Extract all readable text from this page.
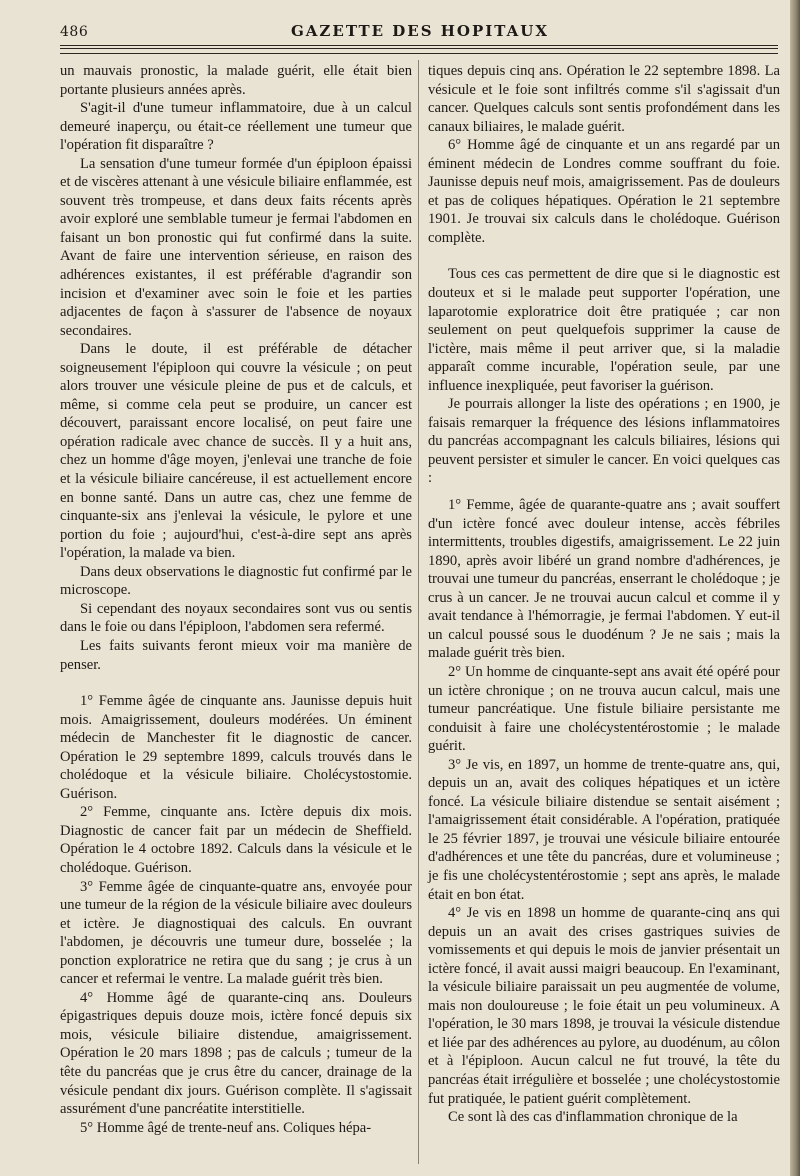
486	GAZETTE DES HOPITAUX

un mauvais pronostic, la malade guérit, elle était bien portante plusieurs années après.

S'agit-il d'une tumeur inflammatoire, due à un calcul demeuré inaperçu, ou était-ce réellement une tumeur que l'opération fit disparaître ?

La sensation d'une tumeur formée d'un épiploon épaissi et de viscères attenant à une vésicule biliaire enflammée, est souvent très trompeuse, et dans deux faits récents après avoir exploré une semblable tumeur je fermai l'abdomen en faisant un bon pronostic qui fut confirmé dans la suite. Avant de faire une intervention sérieuse, en raison des adhérences existantes, il est préférable d'agrandir son incision et d'examiner avec soin le foie et les parties adjacentes de façon à s'assurer de l'absence de noyaux secondaires.

Dans le doute, il est préférable de détacher soigneusement l'épiploon qui couvre la vésicule ; on peut alors trouver une vésicule pleine de pus et de calculs, et même, si comme cela peut se produire, un cancer est découvert, paraissant encore localisé, on peut faire une opération radicale avec chance de succès. Il y a huit ans, chez un homme d'âge moyen, j'enlevai une tranche de foie et la vésicule biliaire cancéreuse, il est actuellement encore en bonne santé. Dans un autre cas, chez une femme de cinquante-six ans j'enlevai la vésicule, le pylore et une portion du foie ; aujourd'hui, c'est-à-dire sept ans après l'opération, la malade va bien.

Dans deux observations le diagnostic fut confirmé par le microscope.

Si cependant des noyaux secondaires sont vus ou sentis dans le foie ou dans l'épiploon, l'abdomen sera refermé.

Les faits suivants feront mieux voir ma manière de penser.

1° Femme âgée de cinquante ans. Jaunisse depuis huit mois. Amaigrissement, douleurs modérées. Un éminent médecin de Manchester fit le diagnostic de cancer. Opération le 29 septembre 1899, calculs trouvés dans le cholédoque et la vésicule biliaire. Cholécystostomie. Guérison.

2° Femme, cinquante ans. Ictère depuis dix mois. Diagnostic de cancer fait par un médecin de Sheffield. Opération le 4 octobre 1892. Calculs dans la vésicule et le cholédoque. Guérison.

3° Femme âgée de cinquante-quatre ans, envoyée pour une tumeur de la région de la vésicule biliaire avec douleurs et ictère. Je diagnostiquai des calculs. En ouvrant l'abdomen, je découvris une tumeur dure, bosselée ; la ponction exploratrice ne retira que du sang ; je crus à un cancer et refermai le ventre. La malade guérit très bien.

4° Homme âgé de quarante-cinq ans. Douleurs épigastriques depuis douze mois, ictère foncé depuis six mois, vésicule biliaire distendue, amaigrissement. Opération le 20 mars 1898 ; pas de calculs ; tumeur de la tête du pancréas que je crus être du cancer, drainage de la vésicule pendant dix jours. Guérison complète. Il s'agissait assurément d'une pancréatite interstitielle.

5° Homme âgé de trente-neuf ans. Coliques hépa-

tiques depuis cinq ans. Opération le 22 septembre 1898. La vésicule et le foie sont infiltrés comme s'il s'agissait d'un cancer. Quelques calculs sont sentis profondément dans les canaux biliaires, le malade guérit.

6° Homme âgé de cinquante et un ans regardé par un éminent médecin de Londres comme souffrant du foie. Jaunisse depuis neuf mois, amaigrissement. Pas de douleurs et pas de coliques hépatiques. Opération le 21 septembre 1901. Je trouvai six calculs dans le cholédoque. Guérison complète.

Tous ces cas permettent de dire que si le diagnostic est douteux et si le malade peut supporter l'opération, une laparotomie exploratrice doit être pratiquée ; car non seulement on peut quelquefois supprimer la cause de l'ictère, mais même il peut arriver que, si la maladie apparaît comme incurable, l'opération seule, par une influence inexpliquée, peut favoriser la guérison.

Je pourrais allonger la liste des opérations ; en 1900, je faisais remarquer la fréquence des lésions inflammatoires du pancréas accompagnant les calculs biliaires, lésions qui peuvent persister et simuler le cancer. En voici quelques cas :

1° Femme, âgée de quarante-quatre ans ; avait souffert d'un ictère foncé avec douleur intense, accès fébriles intermittents, troubles digestifs, amaigrissement. Le 22 juin 1890, après avoir libéré un grand nombre d'adhérences, je trouvai une tumeur du pancréas, enserrant le cholédoque ; je crus à un cancer. Je ne trouvai aucun calcul et comme il y avait tendance à l'hémorragie, je fermai l'abdomen. Y eut-il un calcul poussé sous le duodénum ? Je ne sais ; mais la malade guérit très bien.

2° Un homme de cinquante-sept ans avait été opéré pour un ictère chronique ; on ne trouva aucun calcul, mais une tumeur pancréatique. Une fistule biliaire persistante me conduisit à faire une cholécystentérostomie ; le malade guérit.

3° Je vis, en 1897, un homme de trente-quatre ans, qui, depuis un an, avait des coliques hépatiques et un ictère foncé. La vésicule biliaire distendue se sentait aisément ; l'amaigrissement était considérable. A l'opération, pratiquée le 25 février 1897, je trouvai une vésicule biliaire entourée d'adhérences et une tête du pancréas, dure et volumineuse ; je fis une cholécystentérostomie ; sept ans après, le malade était en bon état.

4° Je vis en 1898 un homme de quarante-cinq ans qui depuis un an avait des crises gastriques suivies de vomissements et qui depuis le mois de janvier présentait un ictère foncé, il avait aussi maigri beaucoup. En l'examinant, la vésicule biliaire paraissait un peu augmentée de volume, mais non douloureuse ; le foie était un peu volumineux. A l'opération, le 30 mars 1898, je trouvai la vésicule distendue et liée par des adhérences au pylore, au duodénum, au côlon et à l'épiploon. Aucun calcul ne fut trouvé, la tête du pancréas était irrégulière et bosselée ; une cholécystostomie fut pratiquée, le patient guérit complètement.

Ce sont là des cas d'inflammation chronique de la
